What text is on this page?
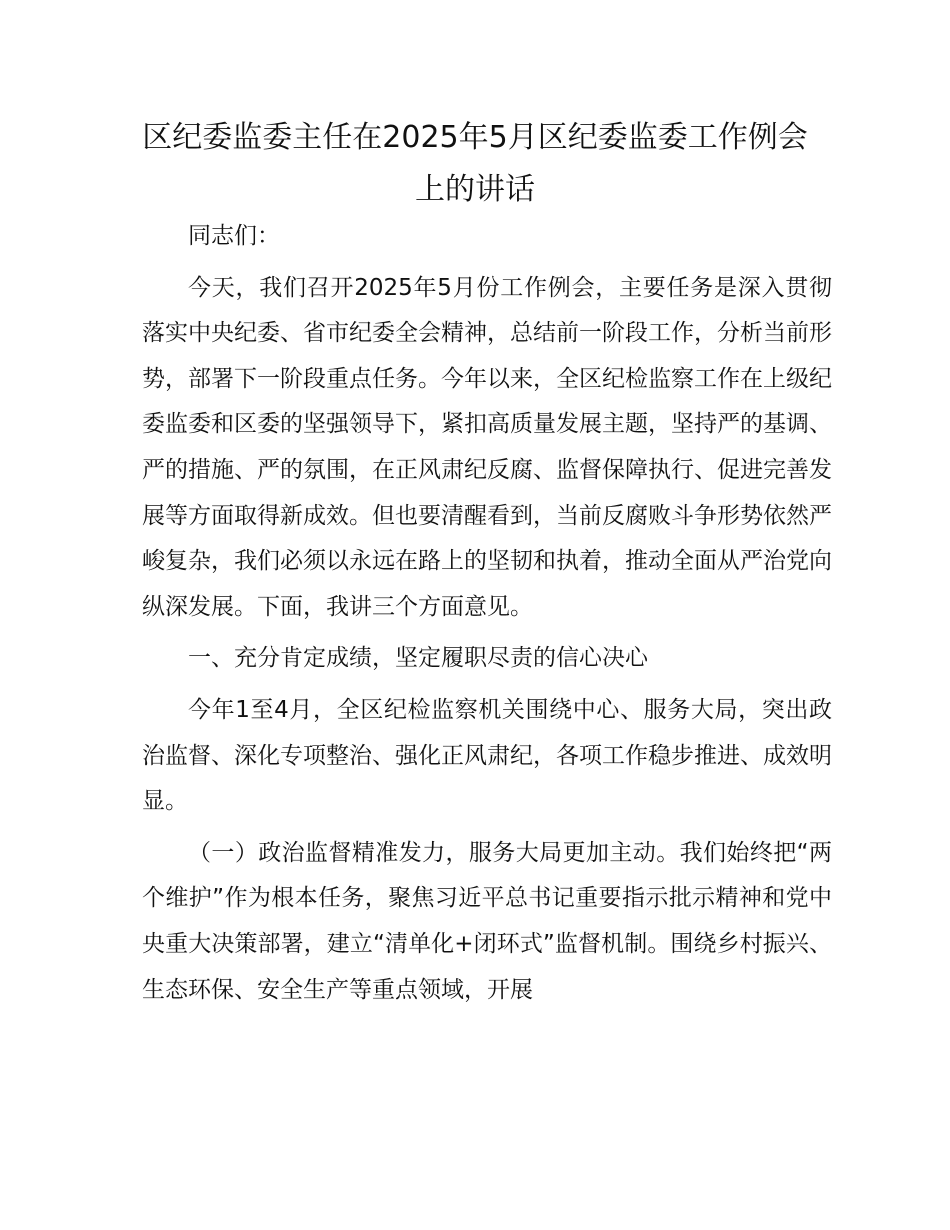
区纪委监委主任在2025年5月区纪委监委工作例会上的讲话

同志们：

今天，我们召开2025年5月份工作例会，主要任务是深入贯彻落实中央纪委、省市纪委全会精神，总结前一阶段工作，分析当前形势，部署下一阶段重点任务。今年以来，全区纪检监察工作在上级纪委监委和区委的坚强领导下，紧扣高质量发展主题，坚持严的基调、严的措施、严的氛围，在正风肃纪反腐、监督保障执行、促进完善发展等方面取得新成效。但也要清醒看到，当前反腐败斗争形势依然严峻复杂，我们必须以永远在路上的坚韧和执着，推动全面从严治党向纵深发展。下面，我讲三个方面意见。

一、充分肯定成绩，坚定履职尽责的信心决心

今年1至4月，全区纪检监察机关围绕中心、服务大局，突出政治监督、深化专项整治、强化正风肃纪，各项工作稳步推进、成效明显。

（一）政治监督精准发力，服务大局更加主动。我们始终把“两个维护”作为根本任务，聚焦习近平总书记重要指示批示精神和党中央重大决策部署，建立“清单化+闭环式”监督机制。围绕乡村振兴、生态环保、安全生产等重点领域，开展
